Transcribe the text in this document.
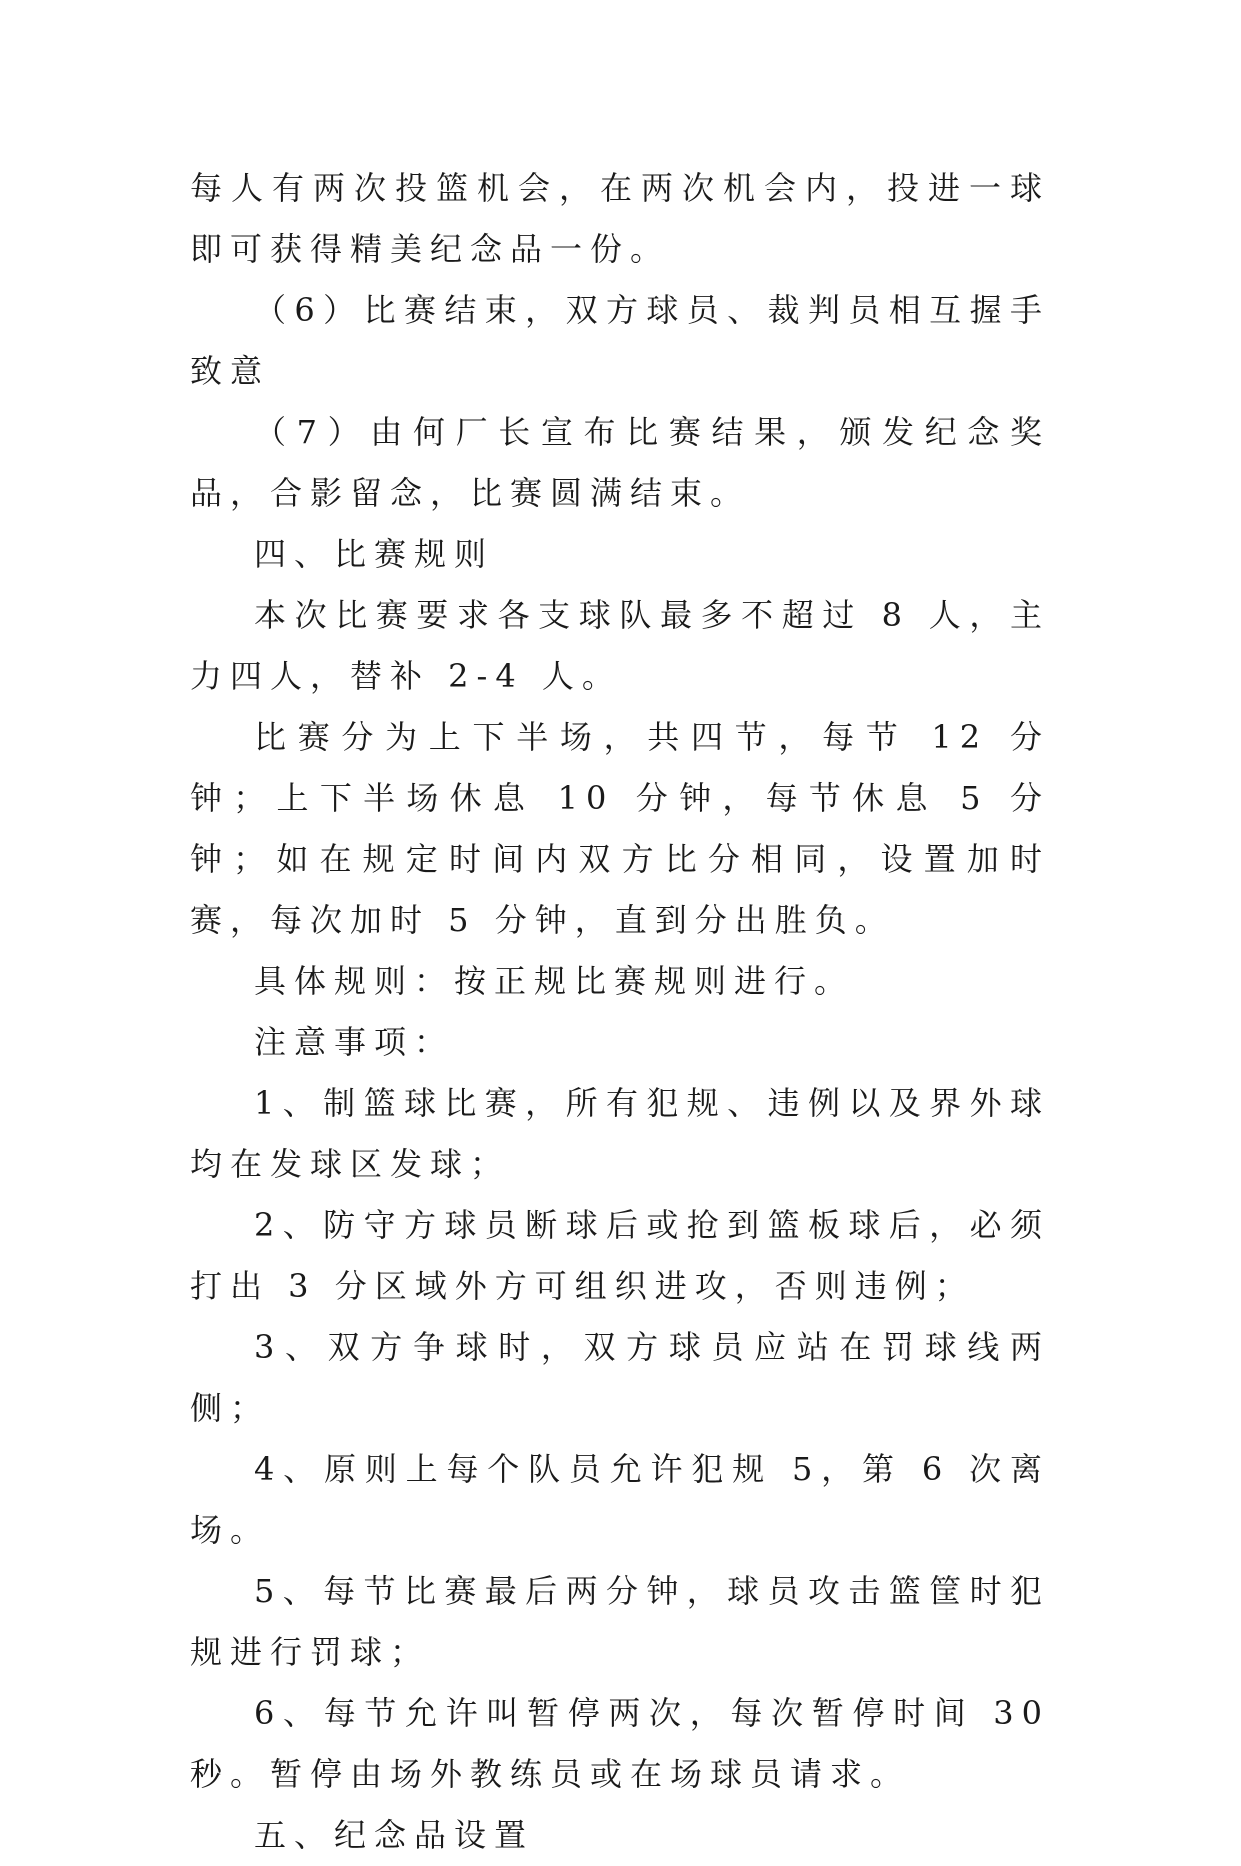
每人有两次投篮机会，在两次机会内，投进一球即可获得精美纪念品一份。

（6）比赛结束，双方球员、裁判员相互握手致意

（7）由何厂长宣布比赛结果，颁发纪念奖品，合影留念，比赛圆满结束。

四、比赛规则

本次比赛要求各支球队最多不超过 8 人，主力四人，替补 2-4 人。

比赛分为上下半场，共四节，每节 12 分钟；上下半场休息 10 分钟，每节休息 5 分钟；如在规定时间内双方比分相同，设置加时赛，每次加时 5 分钟，直到分出胜负。

具体规则：按正规比赛规则进行。

注意事项：

1、制篮球比赛，所有犯规、违例以及界外球均在发球区发球；

2、防守方球员断球后或抢到篮板球后，必须打出 3 分区域外方可组织进攻，否则违例；

3、双方争球时，双方球员应站在罚球线两侧；

4、原则上每个队员允许犯规 5，第 6 次离场。

5、每节比赛最后两分钟，球员攻击篮筐时犯规进行罚球；

6、每节允许叫暂停两次，每次暂停时间 30 秒。暂停由场外教练员或在场球员请求。

五、纪念品设置
